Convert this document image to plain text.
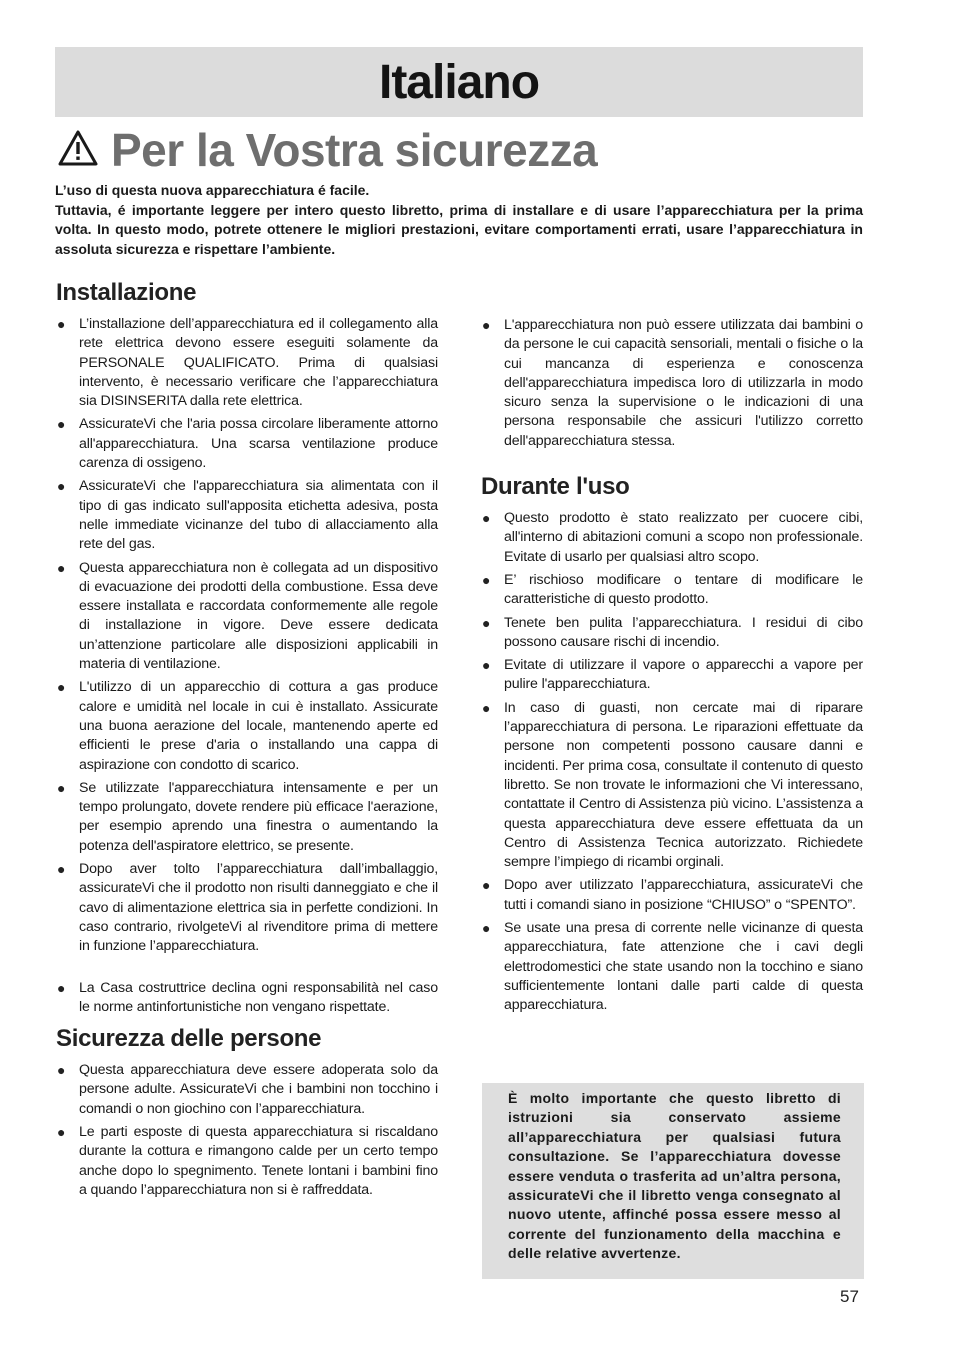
Italiano
Per la Vostra sicurezza

L’uso di questa nuova apparecchiatura é facile.

Tuttavia, é importante leggere per intero questo libretto, prima di installare e di usare l’apparecchiatura per la prima volta. In questo modo, potrete ottenere le migliori prestazioni, evitare comportamenti errati, usare l’apparecchiatura in assoluta sicurezza e rispettare l’ambiente.

Installazione
● L’installazione dell’apparecchiatura ed il collegamento alla rete elettrica devono essere eseguiti solamente da PERSONALE QUALIFICATO. Prima di qualsiasi intervento, è necessario verificare che l’apparecchiatura sia DISINSERITA dalla rete elettrica.
● AssicurateVi che l'aria possa circolare liberamente attorno all'apparecchiatura. Una scarsa ventilazione produce carenza di ossigeno.
● AssicurateVi che l'apparecchiatura sia alimentata con il tipo di gas indicato sull'apposita etichetta adesiva, posta nelle immediate vicinanze del tubo di allacciamento alla rete del gas.
● Questa apparecchiatura non è collegata ad un dispositivo di evacuazione dei prodotti della combustione. Essa deve essere installata e raccordata conformemente alle regole di installazione in vigore. Deve essere dedicata un’attenzione particolare alle disposizioni applicabili in materia di ventilazione.
● L'utilizzo di un apparecchio di cottura a gas produce calore e umidità nel locale in cui è installato. Assicurate una buona aerazione del locale, mantenendo aperte ed efficienti le prese d'aria o installando una cappa di aspirazione con condotto di scarico.
● Se utilizzate l'apparecchiatura intensamente e per un tempo prolungato, dovete rendere più efficace l'aerazione, per esempio aprendo una finestra o aumentando la potenza dell'aspiratore elettrico, se presente.
● Dopo aver tolto l’apparecchiatura dall’imballaggio, assicurateVi che il prodotto non risulti danneggiato e che il cavo di alimentazione elettrica sia in perfette condizioni. In caso contrario, rivolgeteVi al rivenditore prima di mettere in funzione l’apparecchiatura.
● La Casa costruttrice declina ogni responsabilità nel caso le norme antinfortunistiche non vengano rispettate.
Sicurezza delle persone
● Questa apparecchiatura deve essere adoperata solo da persone adulte. AssicurateVi che i bambini non tocchino i comandi o non giochino con l’apparecchiatura.
● Le parti esposte di questa apparecchiatura si riscaldano durante la cottura e rimangono calde per un certo tempo anche dopo lo spegnimento. Tenete lontani i bambini fino a quando l’apparecchiatura non si è raffreddata.
● L'apparecchiatura non può essere utilizzata dai bambini o da persone le cui capacità sensoriali, mentali o fisiche o la cui mancanza di esperienza e conoscenza dell'apparecchiatura impedisca loro di utilizzarla in modo sicuro senza la supervisione o le indicazioni di una persona responsabile che assicuri l'utilizzo corretto dell'apparecchiatura stessa.
Durante l'uso
● Questo prodotto è stato realizzato per cuocere cibi, all'interno di abitazioni comuni a scopo non professionale. Evitate di usarlo per qualsiasi altro scopo.
● E’ rischioso modificare o tentare di modificare le caratteristiche di questo prodotto.
● Tenete ben pulita l’apparecchiatura. I residui di cibo possono causare rischi di incendio.
● Evitate di utilizzare il vapore o apparecchi a vapore per pulire l'apparecchiatura.
● In caso di guasti, non cercate mai di riparare l’apparecchiatura di persona. Le riparazioni effettuate da persone non competenti possono causare danni e incidenti. Per prima cosa, consultate il contenuto di questo libretto. Se non trovate le informazioni che Vi interessano, contattate il Centro di Assistenza più vicino. L’assistenza a questa apparecchiatura deve essere effettuata da un Centro di Assistenza Tecnica autorizzato. Richiedete sempre l’impiego di ricambi orginali.
● Dopo aver utilizzato l’apparecchiatura, assicurateVi che tutti i comandi siano in posizione “CHIUSO” o “SPENTO”.
● Se usate una presa di corrente nelle vicinanze di questa apparecchiatura, fate attenzione che i cavi degli elettrodomestici che state usando non la tocchino e siano sufficientemente lontani dalle parti calde di questa apparecchiatura.
È molto importante che questo libretto di istruzioni sia conservato assieme all’apparecchiatura per qualsiasi futura consultazione. Se l’apparecchiatura dovesse essere venduta o trasferita ad un’altra persona, assicurateVi che il libretto venga consegnato al nuovo utente, affinché possa essere messo al corrente del funzionamento della macchina e delle relative avvertenze.
57
